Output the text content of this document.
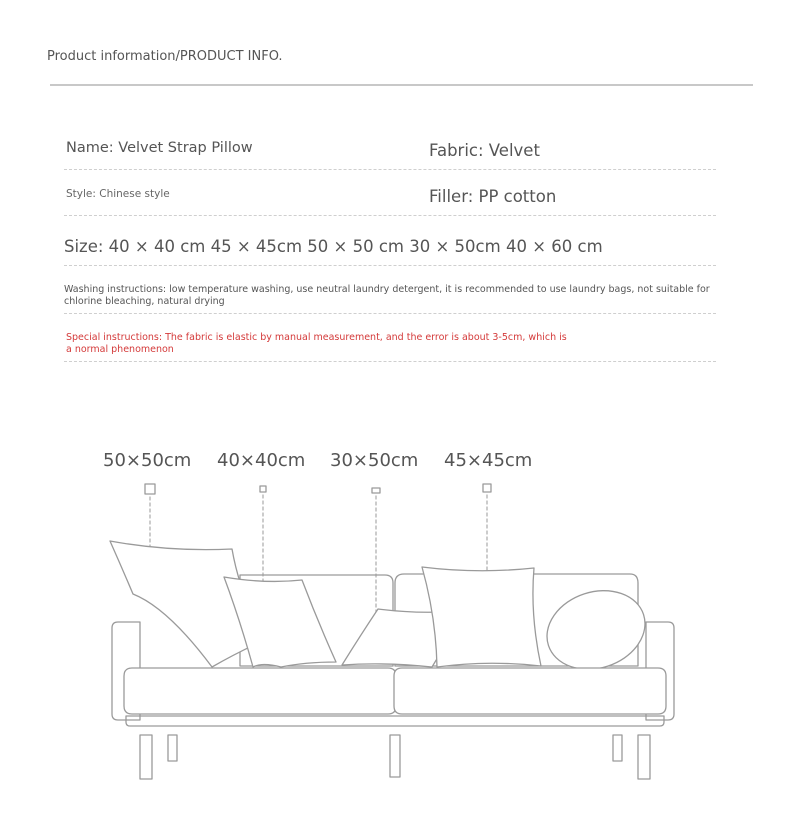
Product information/PRODUCT INFO.
Name: Velvet Strap Pillow	Fabric: Velvet
Style: Chinese style	Filler: PP cotton
Size: 40 × 40 cm 45 × 45cm 50 × 50 cm 30 × 50cm 40 × 60 cm
Washing instructions: low temperature washing, use neutral laundry detergent, it is recommended to use laundry bags, not suitable for
chlorine bleaching, natural drying
Special instructions: The fabric is elastic by manual measurement, and the error is about 3-5cm, which is
a normal phenomenon
50×50cm 40×40cm 30×50cm 45×45cm
